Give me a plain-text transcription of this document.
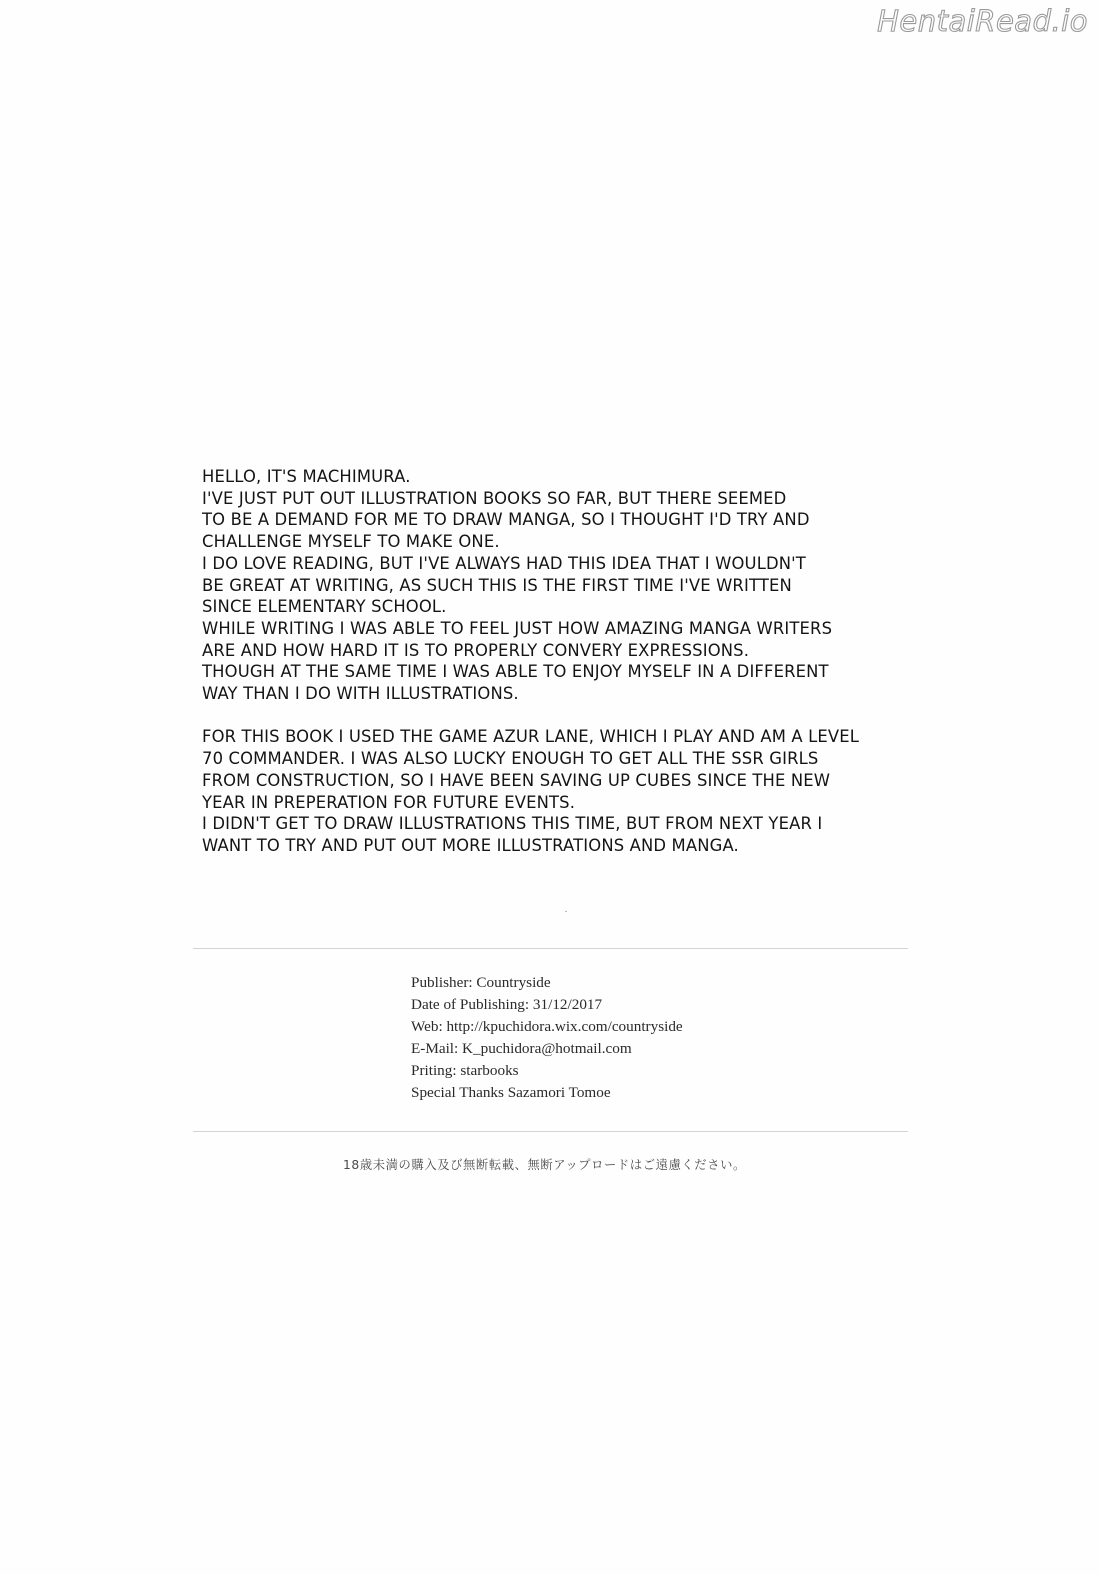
HentaiRead.io

HELLO, IT'S MACHIMURA.
I'VE JUST PUT OUT ILLUSTRATION BOOKS SO FAR, BUT THERE SEEMED
TO BE A DEMAND FOR ME TO DRAW MANGA, SO I THOUGHT I'D TRY AND
CHALLENGE MYSELF TO MAKE ONE.
I DO LOVE READING, BUT I'VE ALWAYS HAD THIS IDEA THAT I WOULDN'T
BE GREAT AT WRITING, AS SUCH THIS IS THE FIRST TIME I'VE WRITTEN
SINCE ELEMENTARY SCHOOL.
WHILE WRITING I WAS ABLE TO FEEL JUST HOW AMAZING MANGA WRITERS
ARE AND HOW HARD IT IS TO PROPERLY CONVERY EXPRESSIONS.
THOUGH AT THE SAME TIME I WAS ABLE TO ENJOY MYSELF IN A DIFFERENT
WAY THAN I DO WITH ILLUSTRATIONS.

FOR THIS BOOK I USED THE GAME AZUR LANE, WHICH I PLAY AND AM A LEVEL
70 COMMANDER. I WAS ALSO LUCKY ENOUGH TO GET ALL THE SSR GIRLS
FROM CONSTRUCTION, SO I HAVE BEEN SAVING UP CUBES SINCE THE NEW
YEAR IN PREPERATION FOR FUTURE EVENTS.
I DIDN'T GET TO DRAW ILLUSTRATIONS THIS TIME, BUT FROM NEXT YEAR I
WANT TO TRY AND PUT OUT MORE ILLUSTRATIONS AND MANGA.

Publisher: Countryside
Date of Publishing: 31/12/2017
Web: http://kpuchidora.wix.com/countryside
E-Mail: K_puchidora@hotmail.com
Priting: starbooks
Special Thanks Sazamori Tomoe
18歳未満の購入及び無断転載、無断アップロードはご遠慮ください。
